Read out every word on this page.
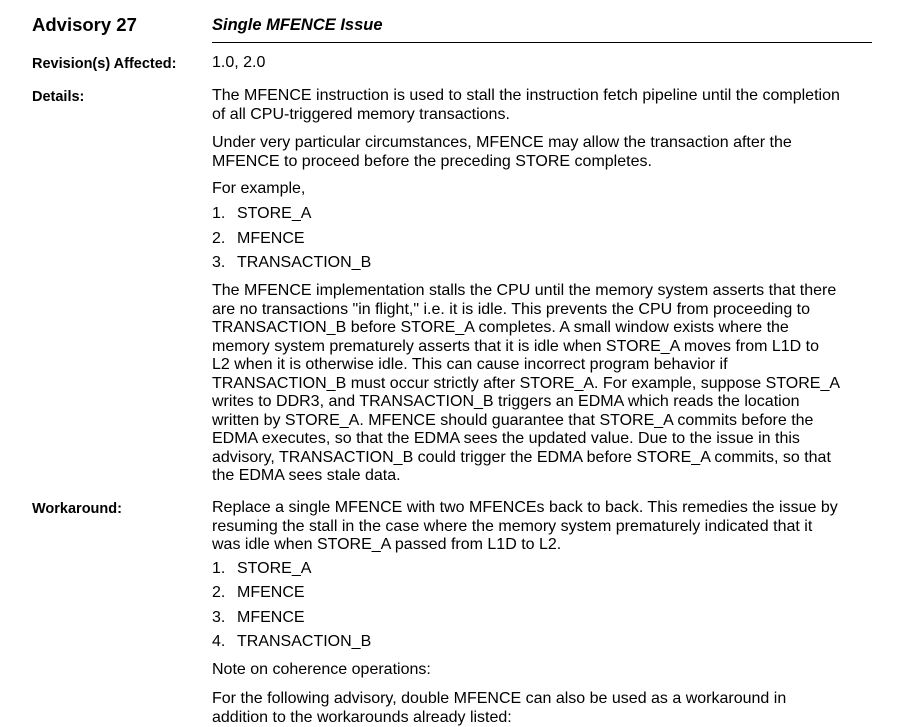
Advisory 27	Single MFENCE Issue
Revision(s) Affected: 1.0, 2.0
Details:	The MFENCE instruction is used to stall the instruction fetch pipeline until the completion
of all CPU-triggered memory transactions.
Under very particular circumstances, MFENCE may allow the transaction after the
MFENCE to proceed before the preceding STORE completes.
For example,
1. STORE_A
2. MFENCE
3. TRANSACTION_B
The MFENCE implementation stalls the CPU until the memory system asserts that there
are no transactions "in flight," i.e. it is idle. This prevents the CPU from proceeding to
TRANSACTION_B before STORE_A completes. A small window exists where the
memory system prematurely asserts that it is idle when STORE_A moves from L1D to
L2 when it is otherwise idle. This can cause incorrect program behavior if
TRANSACTION_B must occur strictly after STORE_A. For example, suppose STORE_A
writes to DDR3, and TRANSACTION_B triggers an EDMA which reads the location
written by STORE_A. MFENCE should guarantee that STORE_A commits before the
EDMA executes, so that the EDMA sees the updated value. Due to the issue in this
advisory, TRANSACTION_B could trigger the EDMA before STORE_A commits, so that
the EDMA sees stale data.
Workaround:	Replace a single MFENCE with two MFENCEs back to back. This remedies the issue by
resuming the stall in the case where the memory system prematurely indicated that it
was idle when STORE_A passed from L1D to L2.
1. STORE_A
2. MFENCE
3. MFENCE
4. TRANSACTION_B
Note on coherence operations:
For the following advisory, double MFENCE can also be used as a workaround in
addition to the workarounds already listed:
